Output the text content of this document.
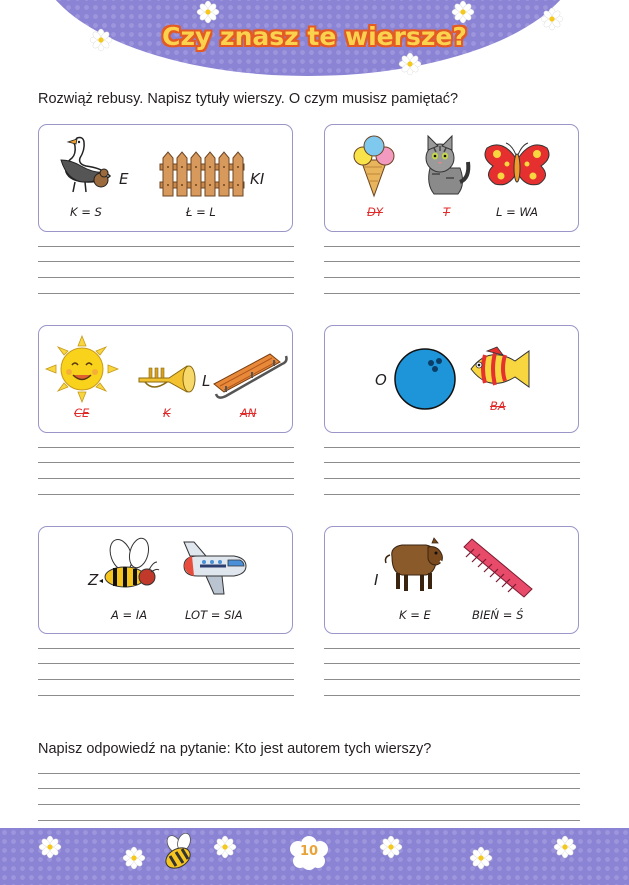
Czy znasz te wiersze?
Rozwiąż rebusy. Napisz tytuły wierszy. O czym musisz pamiętać?
E	KI
K = S	Ł = L	DY	T	L = WA
L
CE	K	AN
O
BA
Z
A = IA	LOT = SIA
I
K = E	BIEŃ = Ś
Napisz odpowiedź na pytanie: Kto jest autorem tych wierszy?
10
